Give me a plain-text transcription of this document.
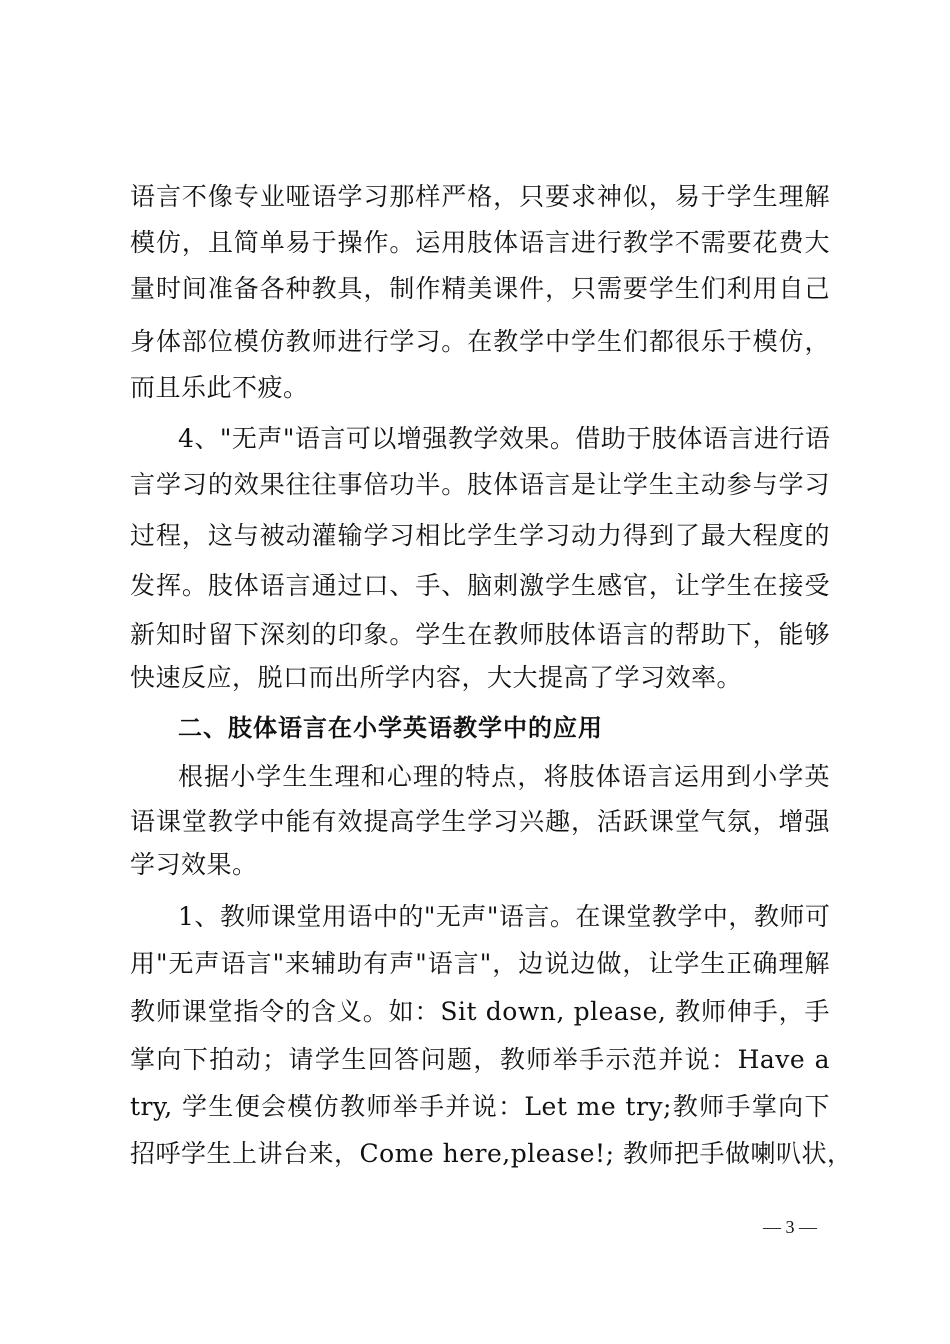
语言不像专业哑语学习那样严格，只要求神似，易于学生理解
模仿，且简单易于操作。运用肢体语言进行教学不需要花费大
量时间准备各种教具，制作精美课件，只需要学生们利用自己
身体部位模仿教师进行学习。在教学中学生们都很乐于模仿，
而且乐此不疲。
4、"无声"语言可以增强教学效果。借助于肢体语言进行语
言学习的效果往往事倍功半。肢体语言是让学生主动参与学习
过程，这与被动灌输学习相比学生学习动力得到了最大程度的
发挥。肢体语言通过口、手、脑刺激学生感官，让学生在接受
新知时留下深刻的印象。学生在教师肢体语言的帮助下，能够
快速反应，脱口而出所学内容，大大提高了学习效率。
二、肢体语言在小学英语教学中的应用
根据小学生生理和心理的特点，将肢体语言运用到小学英
语课堂教学中能有效提高学生学习兴趣，活跃课堂气氛，增强
学习效果。
1、教师课堂用语中的"无声"语言。在课堂教学中，教师可
用"无声语言"来辅助有声"语言"，边说边做，让学生正确理解
教师课堂指令的含义。如：Sit down, please, 教师伸手，手
掌向下拍动；请学生回答问题，教师举手示范并说：Have a
try, 学生便会模仿教师举手并说：Let me try;教师手掌向下
招呼学生上讲台来，Come here,please!; 教师把手做喇叭状，
— 3 —
